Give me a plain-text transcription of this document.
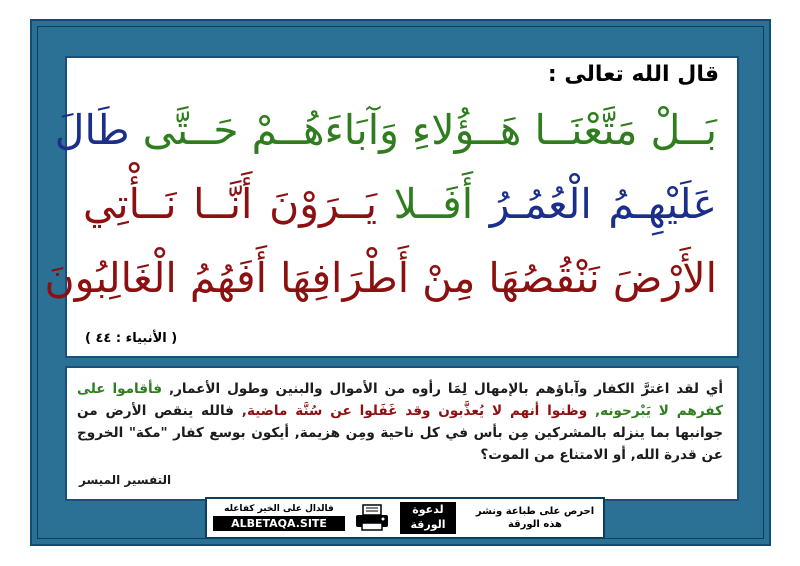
قال الله تعالى :
بَــلْ مَتَّعْنَــا هَــؤُلاءِ وَآبَاءَهُــمْ حَــتَّى طَالَ
عَلَيْهِـمُ الْعُمُـرُ أَفَــلا يَــرَوْنَ أَنَّــا نَــأْتِي
الأَرْضَ نَنْقُصُهَا مِنْ أَطْرَافِهَا أَفَهُمُ الْغَالِبُونَ
( الأنبياء : ٤٤ )
أي لقد اغترَّ الكفار وآباؤهم بالإمهال لِمَا رأوه من الأموال والبنين وطول الأعمار, فأقاموا على كفرهم لا يَبْرحونه, وظنوا أنهم لا يُعذَّبون وقد غَفَلوا عن سُنَّة ماضية, فالله ينقص الأرض من جوانبها بما ينزله بالمشركين مِن بأس في كل ناحية ومِن هزيمة, أيكون بوسع كفار "مكة" الخروج عن قدرة الله, أو الامتناع من الموت؟
التفسير الميسر
فالدال على الخير كفاعله
ALBETAQA.SITE
لدعوة الورقة
احرص على طباعة ونشر هذه الورقة
